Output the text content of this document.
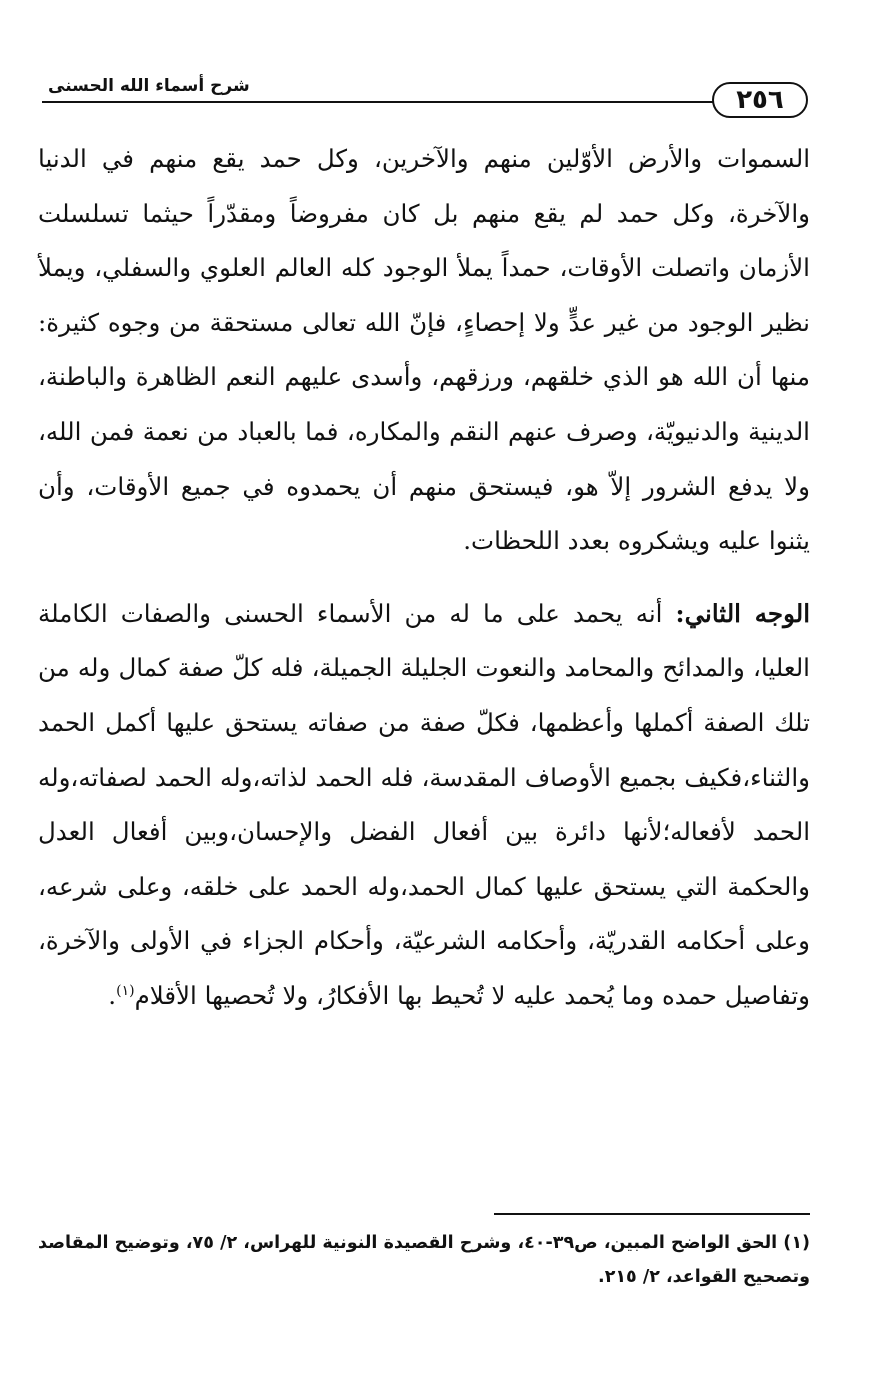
شرح أسماء الله الحسنى	٢٥٦

السموات والأرض الأوّلين منهم والآخرين، وكل حمد يقع منهم في الدنيا والآخرة، وكل حمد لم يقع منهم بل كان مفروضاً ومقدّراً حيثما تسلسلت الأزمان واتصلت الأوقات، حمداً يملأ الوجود كله العالم العلوي والسفلي، ويملأ نظير الوجود من غير عدٍّ ولا إحصاءٍ، فإنّ الله تعالى مستحقة من وجوه كثيرة: منها أن الله هو الذي خلقهم، ورزقهم، وأسدى عليهم النعم الظاهرة والباطنة، الدينية والدنيويّة، وصرف عنهم النقم والمكاره، فما بالعباد من نعمة فمن الله، ولا يدفع الشرور إلاّ هو، فيستحق منهم أن يحمدوه في جميع الأوقات، وأن يثنوا عليه ويشكروه بعدد اللحظات.

الوجه الثاني: أنه يحمد على ما له من الأسماء الحسنى والصفات الكاملة العليا، والمدائح والمحامد والنعوت الجليلة الجميلة، فله كلّ صفة كمال وله من تلك الصفة أكملها وأعظمها، فكلّ صفة من صفاته يستحق عليها أكمل الحمد والثناء،فكيف بجميع الأوصاف المقدسة، فله الحمد لذاته،وله الحمد لصفاته،وله الحمد لأفعاله؛لأنها دائرة بين أفعال الفضل والإحسان،وبين أفعال العدل والحكمة التي يستحق عليها كمال الحمد،وله الحمد على خلقه، وعلى شرعه، وعلى أحكامه القدريّة، وأحكامه الشرعيّة، وأحكام الجزاء في الأولى والآخرة، وتفاصيل حمده وما يُحمد عليه لا تُحيط بها الأفكارُ، ولا تُحصيها الأقلام$^{(١)}$.

(١) الحق الواضح المبين، ص٣٩-٤٠، وشرح القصيدة النونية للهراس، ٢/ ٧٥، وتوضيح المقاصد وتصحيح القواعد، ٢/ ٢١٥.
